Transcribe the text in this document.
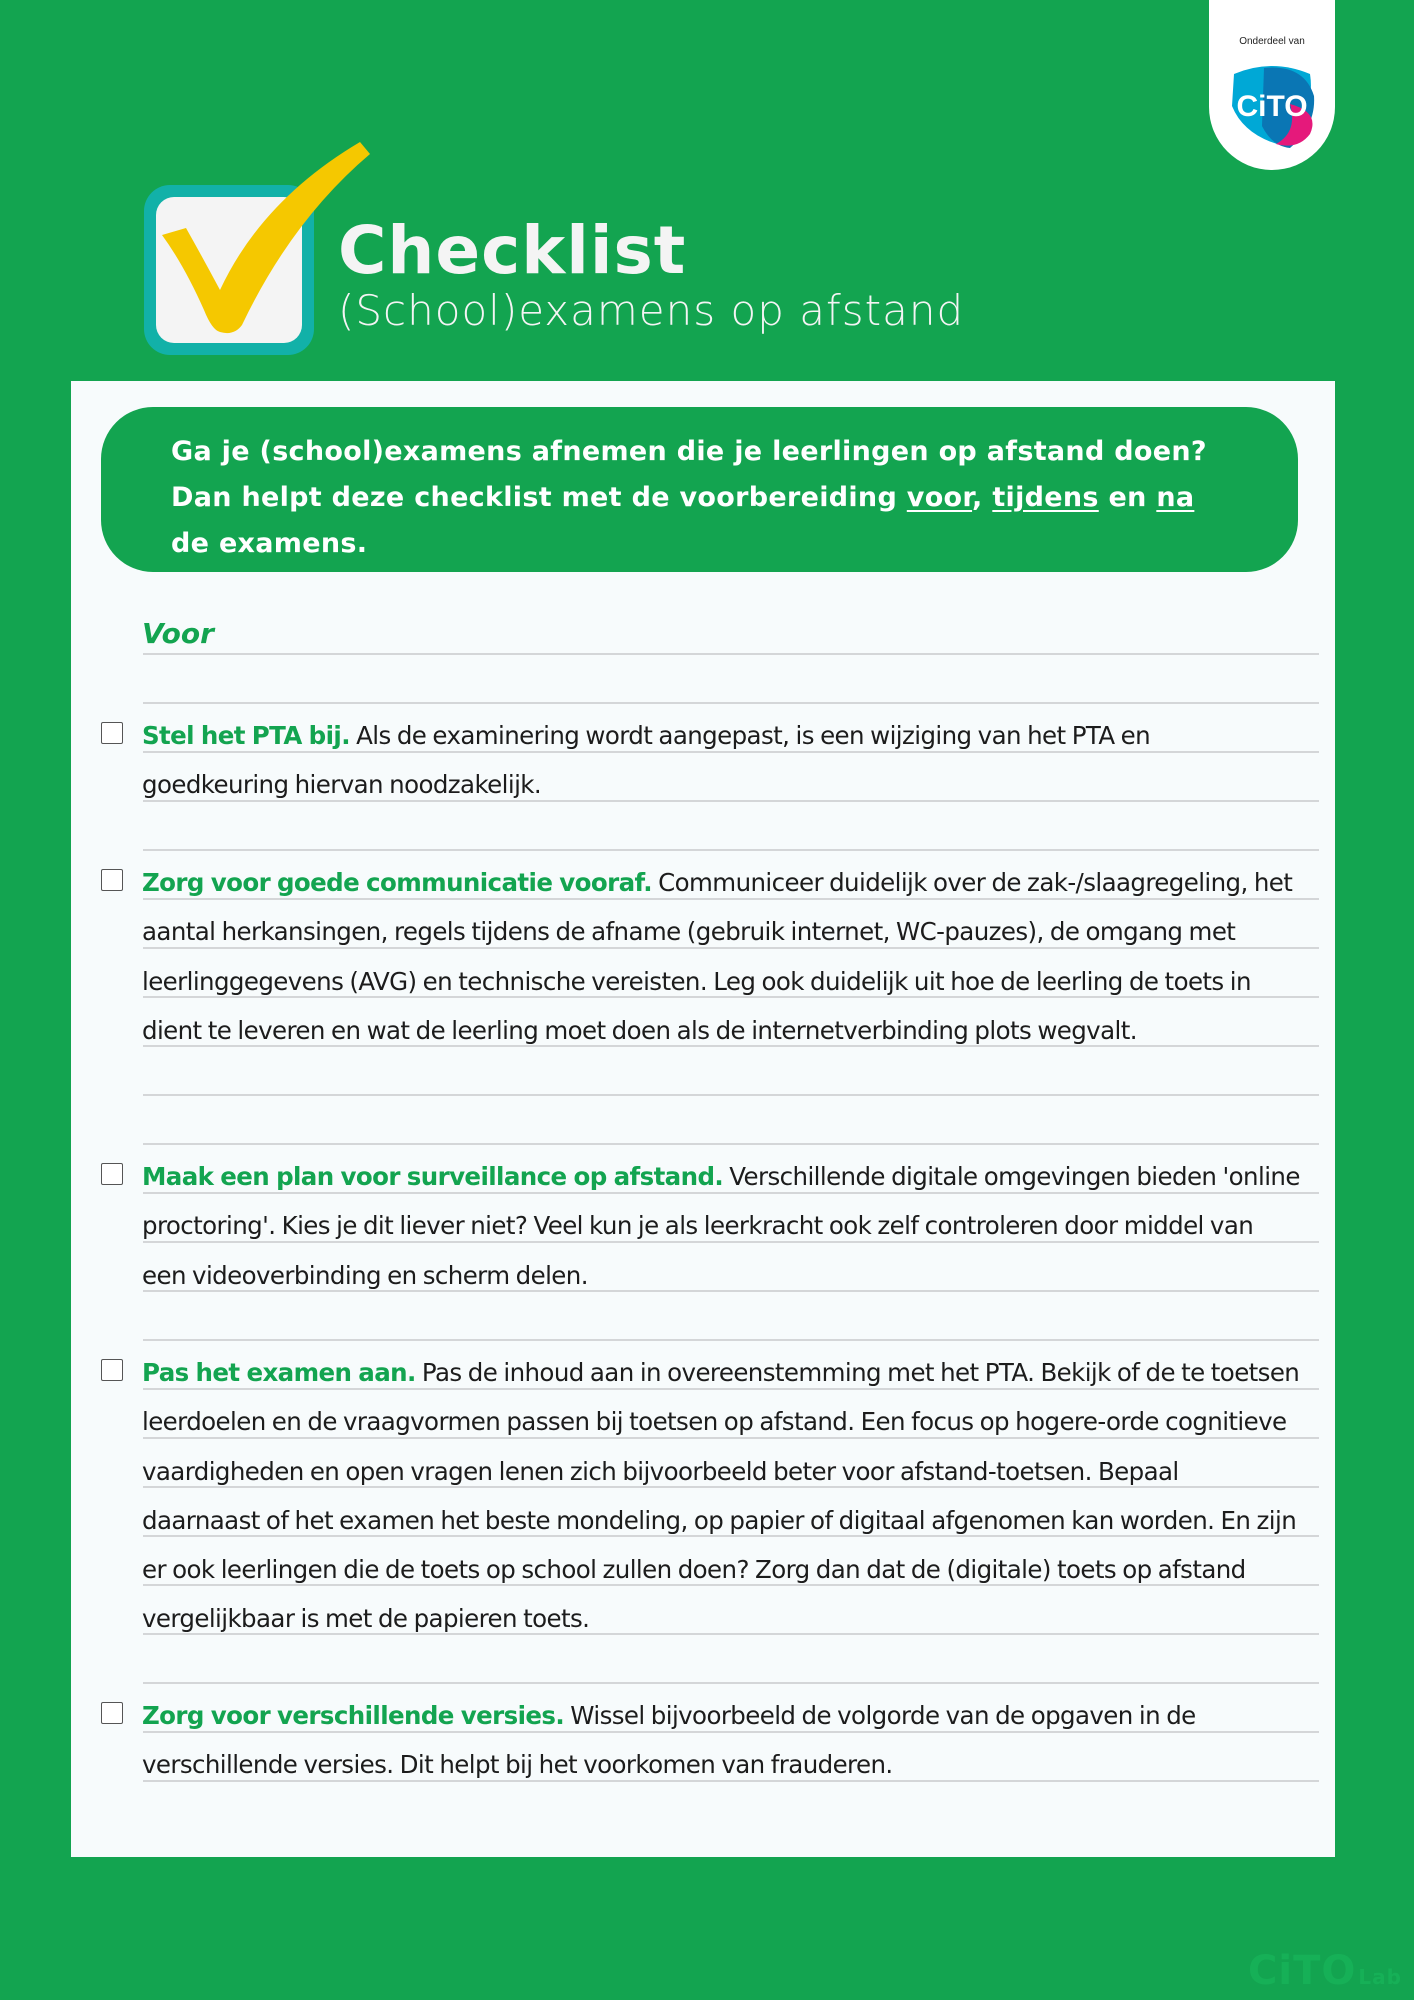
Onderdeel van
CiTO
Checklist
(School)examens op afstand
Ga je (school)examens afnemen die je leerlingen op afstand doen?
Dan helpt deze checklist met de voorbereiding voor, tijdens en na
de examens.
Voor
Stel het PTA bij. Als de examinering wordt aangepast, is een wijziging van het PTA en goedkeuring hiervan noodzakelijk.
Zorg voor goede communicatie vooraf. Communiceer duidelijk over de zak-/slaagregeling, het aantal herkansingen, regels tijdens de afname (gebruik internet, WC-pauzes), de omgang met leerlinggegevens (AVG) en technische vereisten. Leg ook duidelijk uit hoe de leerling de toets in dient te leveren en wat de leerling moet doen als de internetverbinding plots wegvalt.
Maak een plan voor surveillance op afstand. Verschillende digitale omgevingen bieden 'online proctoring'. Kies je dit liever niet? Veel kun je als leerkracht ook zelf controleren door middel van een videoverbinding en scherm delen.
Pas het examen aan. Pas de inhoud aan in overeenstemming met het PTA. Bekijk of de te toetsen leerdoelen en de vraagvormen passen bij toetsen op afstand. Een focus op hogere-orde cognitieve vaardigheden en open vragen lenen zich bijvoorbeeld beter voor afstand-toetsen. Bepaal daarnaast of het examen het beste mondeling, op papier of digitaal afgenomen kan worden. En zijn er ook leerlingen die de toets op school zullen doen? Zorg dan dat de (digitale) toets op afstand vergelijkbaar is met de papieren toets.
Zorg voor verschillende versies. Wissel bijvoorbeeld de volgorde van de opgaven in de verschillende versies. Dit helpt bij het voorkomen van frauderen.
CiTO Lab
